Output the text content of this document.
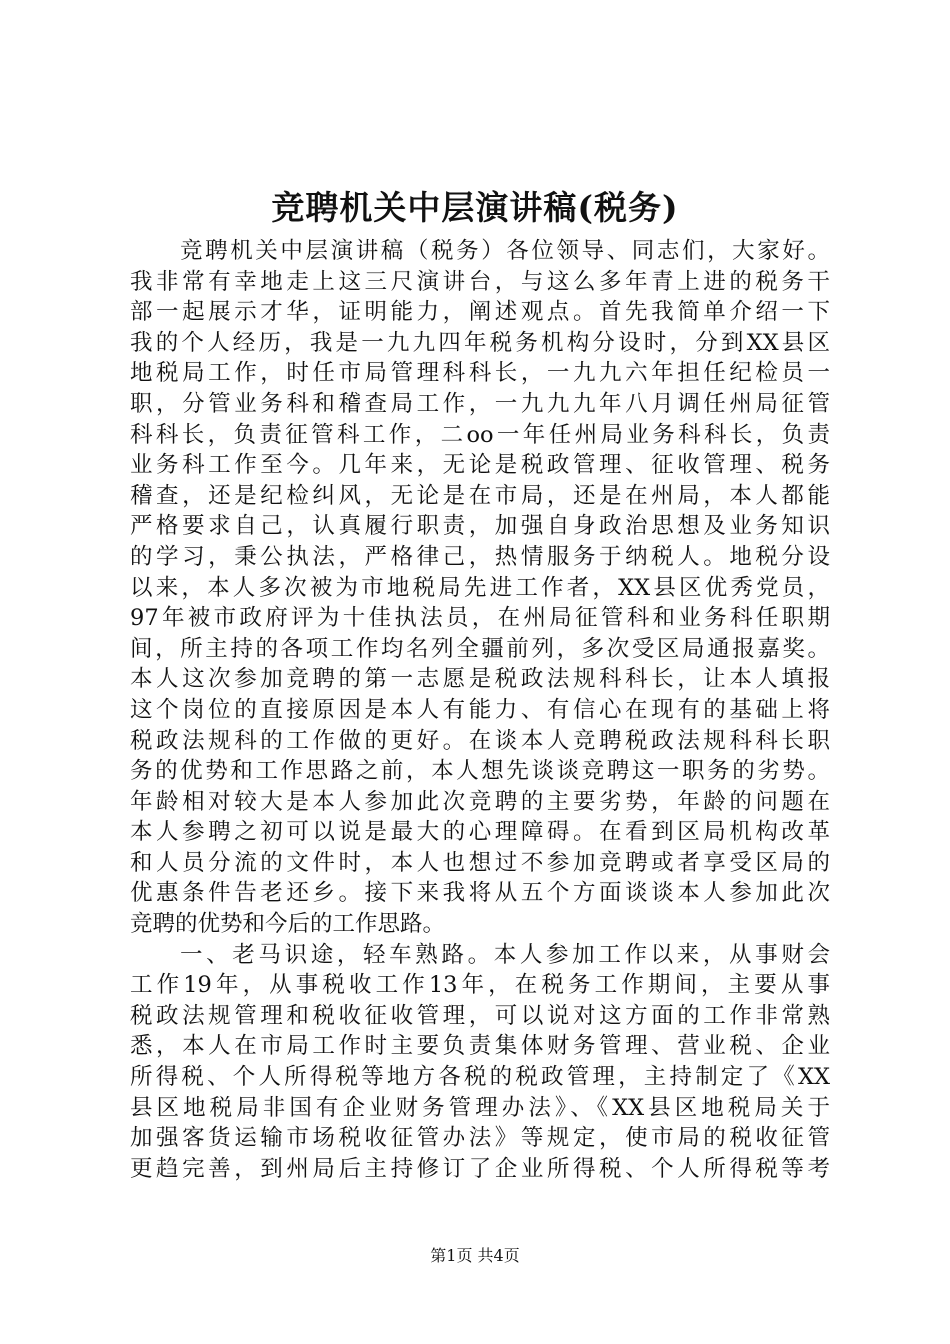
竞聘机关中层演讲稿(税务)
竞聘机关中层演讲稿（税务）各位领导、同志们，大家好。
我非常有幸地走上这三尺演讲台，与这么多年青上进的税务干
部一起展示才华，证明能力，阐述观点。首先我简单介绍一下
我的个人经历，我是一九九四年税务机构分设时，分到XX县区
地税局工作，时任市局管理科科长，一九九六年担任纪检员一
职，分管业务科和稽查局工作，一九九九年八月调任州局征管
科科长，负责征管科工作，二oo一年任州局业务科科长，负责
业务科工作至今。几年来，无论是税政管理、征收管理、税务
稽查，还是纪检纠风，无论是在市局，还是在州局，本人都能
严格要求自己，认真履行职责，加强自身政治思想及业务知识
的学习，秉公执法，严格律己，热情服务于纳税人。地税分设
以来，本人多次被为市地税局先进工作者，XX县区优秀党员，
97年被市政府评为十佳执法员，在州局征管科和业务科任职期
间，所主持的各项工作均名列全疆前列，多次受区局通报嘉奖。
本人这次参加竞聘的第一志愿是税政法规科科长，让本人填报
这个岗位的直接原因是本人有能力、有信心在现有的基础上将
税政法规科的工作做的更好。在谈本人竞聘税政法规科科长职
务的优势和工作思路之前，本人想先谈谈竞聘这一职务的劣势。
年龄相对较大是本人参加此次竞聘的主要劣势，年龄的问题在
本人参聘之初可以说是最大的心理障碍。在看到区局机构改革
和人员分流的文件时，本人也想过不参加竞聘或者享受区局的
优惠条件告老还乡。接下来我将从五个方面谈谈本人参加此次
竞聘的优势和今后的工作思路。
一、老马识途，轻车熟路。本人参加工作以来，从事财会
工作19年，从事税收工作13年，在税务工作期间，主要从事
税政法规管理和税收征收管理，可以说对这方面的工作非常熟
悉，本人在市局工作时主要负责集体财务管理、营业税、企业
所得税、个人所得税等地方各税的税政管理，主持制定了《XX
县区地税局非国有企业财务管理办法》、《XX县区地税局关于
加强客货运输市场税收征管办法》等规定，使市局的税收征管
更趋完善，到州局后主持修订了企业所得税、个人所得税等考
第1页 共4页
